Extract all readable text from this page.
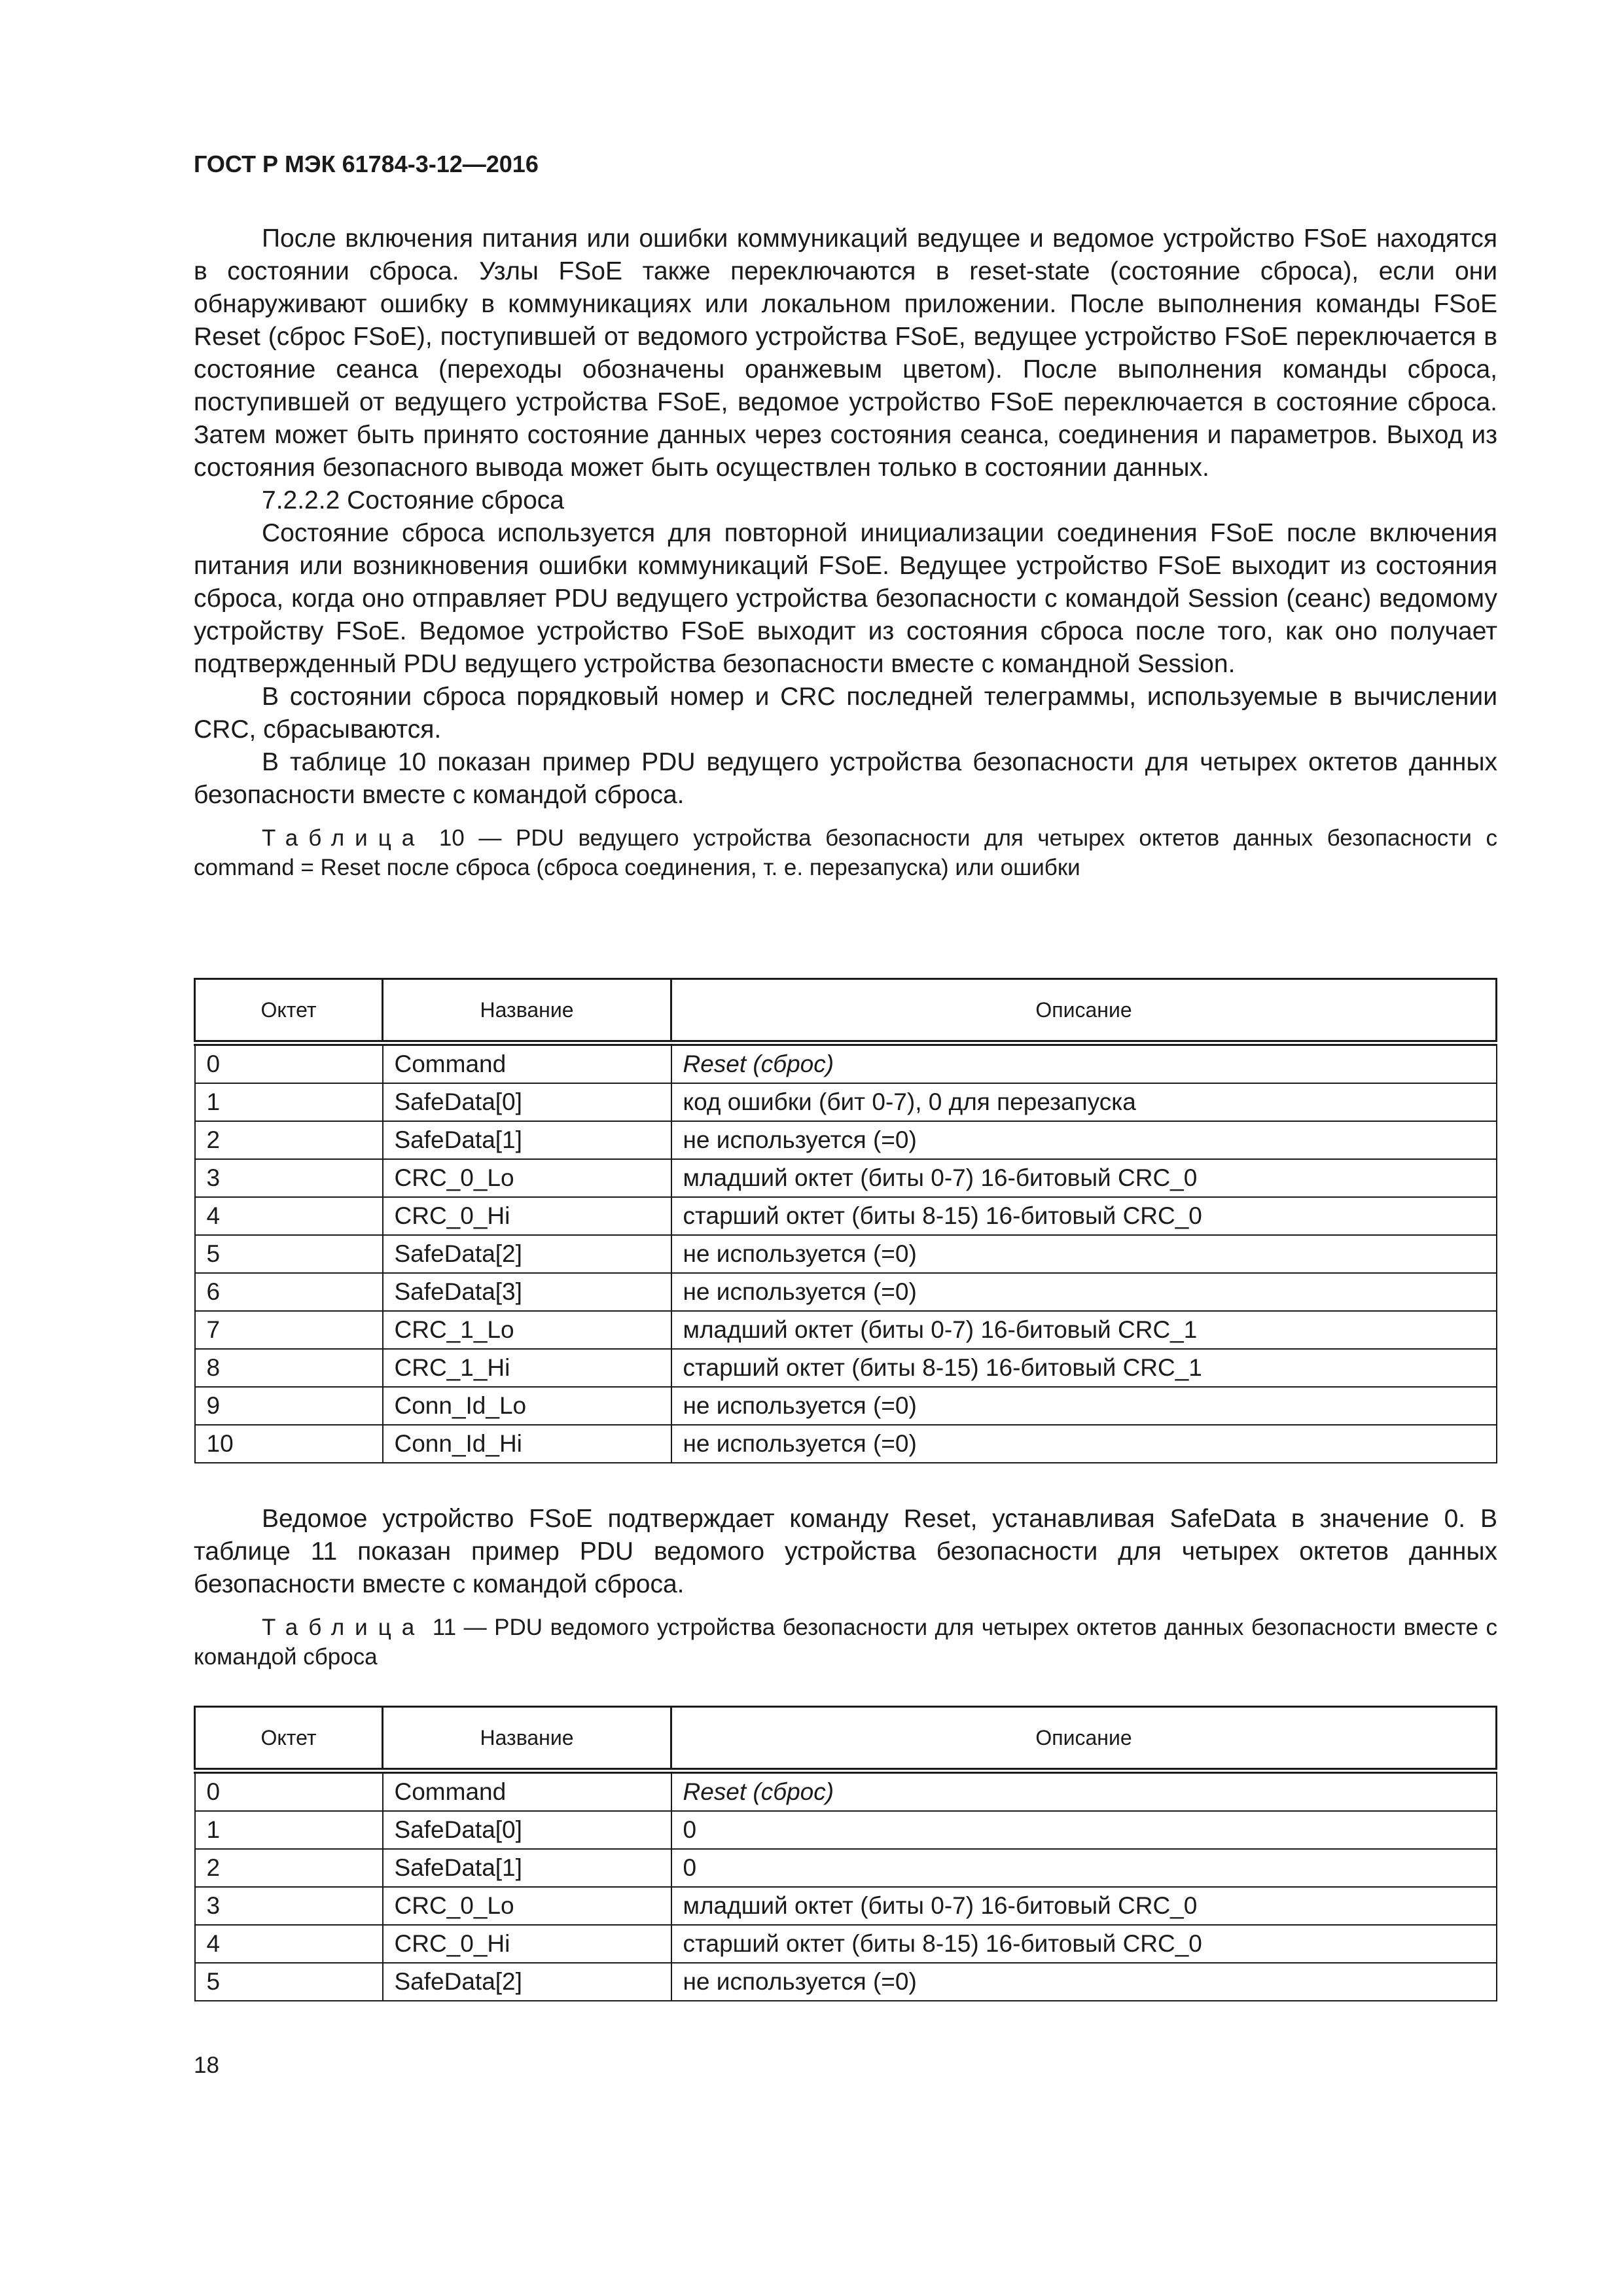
ГОСТ Р МЭК 61784-3-12—2016

После включения питания или ошибки коммуникаций ведущее и ведомое устройство FSoE находятся в состоянии сброса. Узлы FSoE также переключаются в reset-state (состояние сброса), если они обнаруживают ошибку в коммуникациях или локальном приложении. После выполнения команды FSoE Reset (сброс FSoE), поступившей от ведомого устройства FSoE, ведущее устройство FSoE переключается в состояние сеанса (переходы обозначены оранжевым цветом). После выполнения команды сброса, поступившей от ведущего устройства FSoE, ведомое устройство FSoE переключается в состояние сброса. Затем может быть принято состояние данных через состояния сеанса, соединения и параметров. Выход из состояния безопасного вывода может быть осуществлен только в состоянии данных.

7.2.2.2 Состояние сброса

Состояние сброса используется для повторной инициализации соединения FSoE после включения питания или возникновения ошибки коммуникаций FSoE. Ведущее устройство FSoE выходит из состояния сброса, когда оно отправляет PDU ведущего устройства безопасности с командой Session (сеанс) ведомому устройству FSoE. Ведомое устройство FSoE выходит из состояния сброса после того, как оно получает подтвержденный PDU ведущего устройства безопасности вместе с командной Session.

В состоянии сброса порядковый номер и CRC последней телеграммы, используемые в вычислении CRC, сбрасываются.

В таблице 10 показан пример PDU ведущего устройства безопасности для четырех октетов данных безопасности вместе с командой сброса.

Таблица 10 — PDU ведущего устройства безопасности для четырех октетов данных безопасности с command = Reset после сброса (сброса соединения, т. е. перезапуска) или ошибки

Октет	Название	Описание
0	Command	Reset (сброс)
1	SafeData[0]	код ошибки (бит 0-7), 0 для перезапуска
2	SafeData[1]	не используется (=0)
3	CRC_0_Lo	младший октет (биты 0-7) 16-битовый CRC_0
4	CRC_0_Hi	старший октет (биты 8-15) 16-битовый CRC_0
5	SafeData[2]	не используется (=0)
6	SafeData[3]	не используется (=0)
7	CRC_1_Lo	младший октет (биты 0-7) 16-битовый CRC_1
8	CRC_1_Hi	старший октет (биты 8-15) 16-битовый CRC_1
9	Conn_Id_Lo	не используется (=0)
10	Conn_Id_Hi	не используется (=0)

Ведомое устройство FSoE подтверждает команду Reset, устанавливая SafeData в значение 0. В таблице 11 показан пример PDU ведомого устройства безопасности для четырех октетов данных безопасности вместе с командой сброса.

Таблица 11 — PDU ведомого устройства безопасности для четырех октетов данных безопасности вместе с командой сброса

Октет	Название	Описание
0	Command	Reset (сброс)
1	SafeData[0]	0
2	SafeData[1]	0
3	CRC_0_Lo	младший октет (биты 0-7) 16-битовый CRC_0
4	CRC_0_Hi	старший октет (биты 8-15) 16-битовый CRC_0
5	SafeData[2]	не используется (=0)
18
